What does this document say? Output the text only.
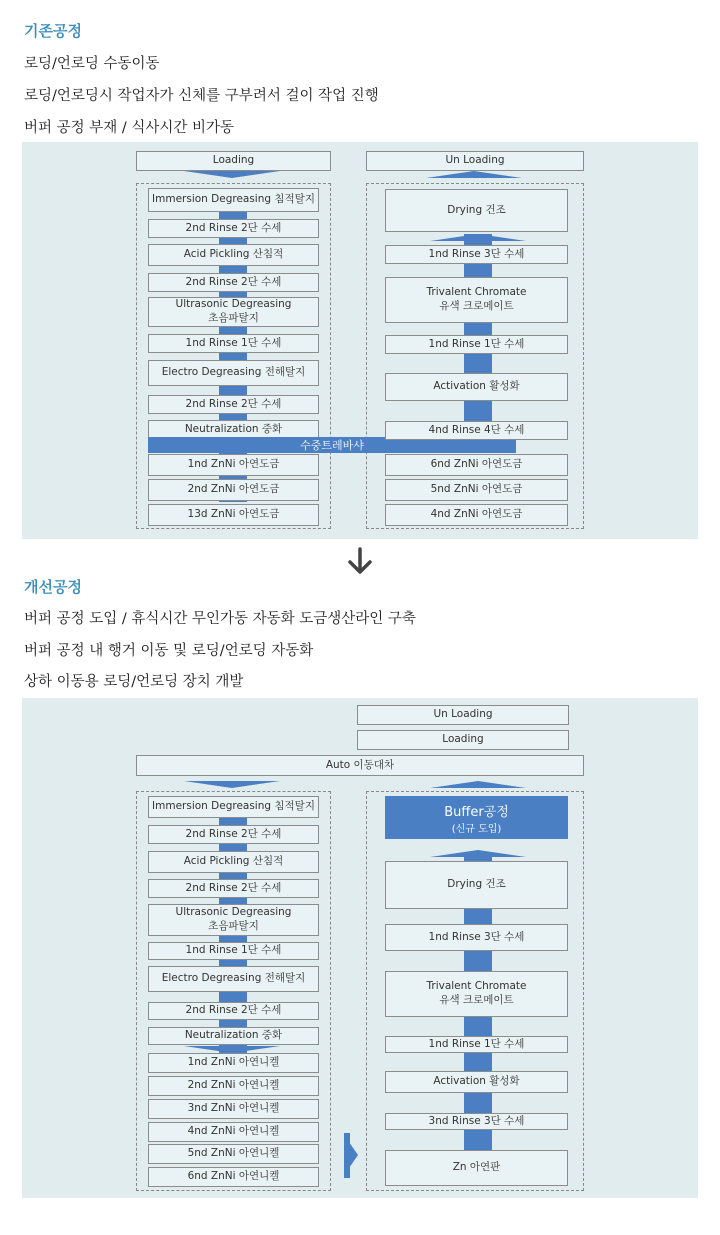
기존공정
로딩/언로딩 수동이동
로딩/언로딩시 작업자가 신체를 구부려서 걸이 작업 진행
버퍼 공정 부재 / 식사시간 비가동
Loading	Un Loading
Immersion Degreasing 침적탈지
2nd Rinse 2단 수세
Acid Pickling 산침적
2nd Rinse 2단 수세
Ultrasonic Degreasing
초음파탈지
1nd Rinse 1단 수세
Electro Degreasing 전해탈지
2nd Rinse 2단 수세
Neutralization 중화
수중트레바샤
1nd ZnNi 아연도금
2nd ZnNi 아연도금
13d ZnNi 아연도금
Drying 건조
1nd Rinse 3단 수세
Trivalent Chromate
유색 크로메이트
1nd Rinse 1단 수세
Activation 활성화
4nd Rinse 4단 수세
6nd ZnNi 아연도금
5nd ZnNi 아연도금
4nd ZnNi 아연도금
개선공정
버퍼 공정 도입 / 휴식시간 무인가동 자동화 도금생산라인 구축
버퍼 공정 내 행거 이동 및 로딩/언로딩 자동화
상하 이동용 로딩/언로딩 장치 개발
Un Loading
Loading
Auto 이동대차
Immersion Degreasing 침적탈지
2nd Rinse 2단 수세
Acid Pickling 산침적
2nd Rinse 2단 수세
Ultrasonic Degreasing
초음파탈지
1nd Rinse 1단 수세
Electro Degreasing 전해탈지
2nd Rinse 2단 수세
Neutralization 중화
1nd ZnNi 아연니켈
2nd ZnNi 아연니켈
3nd ZnNi 아연니켈
4nd ZnNi 아연니켈
5nd ZnNi 아연니켈
6nd ZnNi 아연니켈
Buffer공정
(신규 도입)
Drying 건조
1nd Rinse 3단 수세
Trivalent Chromate
유색 크로메이트
1nd Rinse 1단 수세
Activation 활성화
3nd Rinse 3단 수세
Zn 아연판
